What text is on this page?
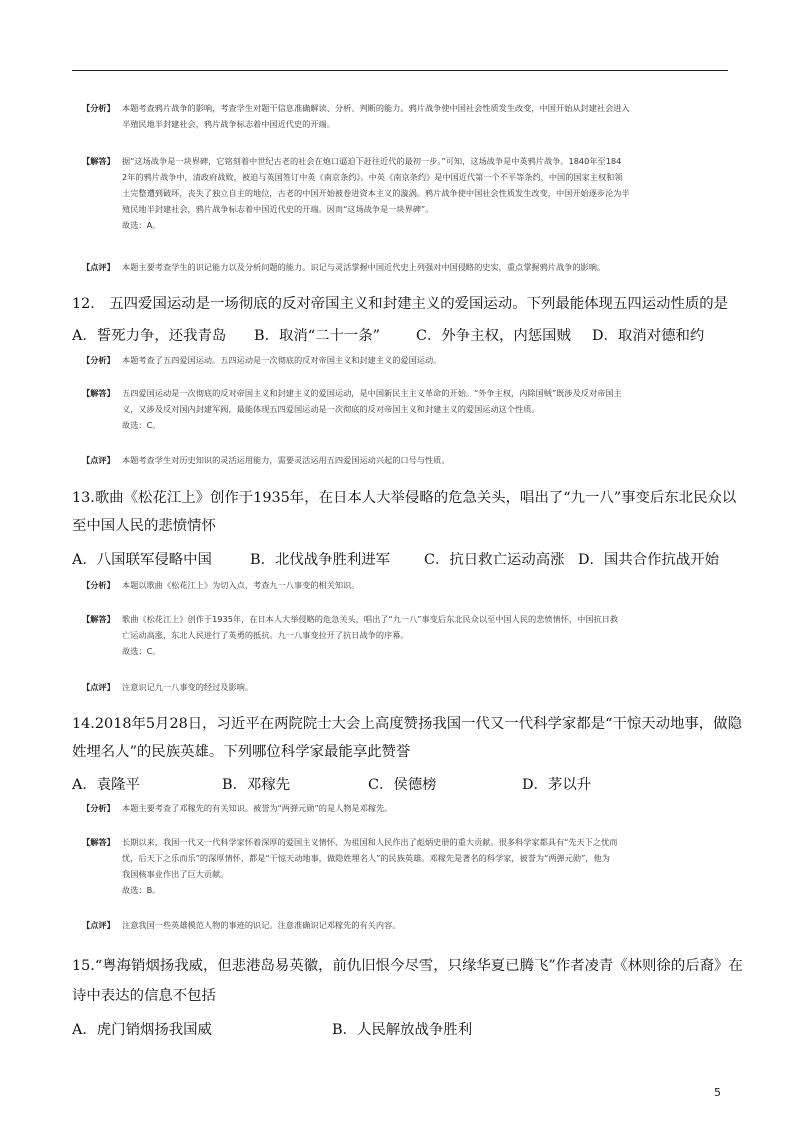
【分析】 本题考查鸦片战争的影响，考查学生对题干信息准确解读、分析、判断的能力。鸦片战争使中国社会性质发生改变，中国开始从封建社会进入
半殖民地半封建社会，鸦片战争标志着中国近代史的开端。
【解答】 据“这场战争是一块界碑，它铭刻着中世纪古老的社会在炮口逼迫下赶往近代的最初一步。”可知，这场战争是中英鸦片战争。1840年至184
2年的鸦片战争中，清政府战败，被迫与英国签订中英《南京条约》。中英《南京条约》是中国近代第一个不平等条约，中国的国家主权和领
土完整遭到破坏，丧失了独立自主的地位，古老的中国开始被卷进资本主义的漩涡。鸦片战争使中国社会性质发生改变，中国开始逐步沦为半
殖民地半封建社会，鸦片战争标志着中国近代史的开端。因而“这场战争是一块界碑”。
故选：A。
【点评】 本题主要考查学生的识记能力以及分析问题的能力。识记与灵活掌握中国近代史上列强对中国侵略的史实，重点掌握鸦片战争的影响。
12.　五四爱国运动是一场彻底的反对帝国主义和封建主义的爱国运动。下列最能体现五四运动性质的是
A．誓死力争，还我青岛 B．取消“二十一条” C．外争主权，内惩国贼 D．取消对德和约
【分析】 本题考查了五四爱国运动。五四运动是一次彻底的反对帝国主义和封建主义的爱国运动。
【解答】 五四爱国运动是一次彻底的反对帝国主义和封建主义的爱国运动，是中国新民主主义革命的开始。“外争主权，内除国贼”既涉及反对帝国主
义，又涉及反对国内封建军阀，最能体现五四爱国运动是一次彻底的反对帝国主义和封建主义的爱国运动这个性质。
故选：C。
【点评】 本题考查学生对历史知识的灵活运用能力，需要灵活运用五四爱国运动兴起的口号与性质。
13.歌曲《松花江上》创作于1935年，在日本人大举侵略的危急关头，唱出了“九一八”事变后东北民众以
至中国人民的悲愤情怀
A．八国联军侵略中国	B．北伐战争胜利进军 C．抗日救亡运动高涨 D．国共合作抗战开始
【分析】 本题以歌曲《松花江上》为切入点，考查九一八事变的相关知识。
【解答】 歌曲《松花江上》创作于1935年，在日本人大举侵略的危急关头，唱出了“九一八”事变后东北民众以至中国人民的悲愤情怀，中国抗日救
亡运动高涨，东北人民进行了英勇的抵抗。九一八事变拉开了抗日战争的序幕。
故选：C。
【点评】 注意识记九一八事变的经过及影响。
14.2018年5月28日，习近平在两院院士大会上高度赞扬我国一代又一代科学家都是“干惊天动地事，做隐
姓埋名人”的民族英雄。下列哪位科学家最能享此赞誉
A．袁隆平	B．邓稼先	C．侯德榜	D．茅以升
【分析】 本题主要考查了邓稼先的有关知识。被誉为“两弹元勋”的是人物是邓稼先。
【解答】 长期以来，我国一代又一代科学家怀着深厚的爱国主义情怀，为祖国和人民作出了彪炳史册的重大贡献。很多科学家都具有“先天下之忧而
忧，后天下之乐而乐”的深厚情怀，都是“干惊天动地事，做隐姓埋名人”的民族英雄。邓稼先是著名的科学家，被誉为“两弹元勋”，他为
我国核事业作出了巨大贡献。
故选：B。
【点评】 注意我国一些英雄模范人物的事迹的识记。注意准确识记邓稼先的有关内容。
15.“粤海销烟扬我威，但悲港岛易英徽，前仇旧恨今尽雪，只缘华夏已腾飞”作者凌青《林则徐的后裔》在
诗中表达的信息不包括
A．虎门销烟扬我国威	B．人民解放战争胜利
5
